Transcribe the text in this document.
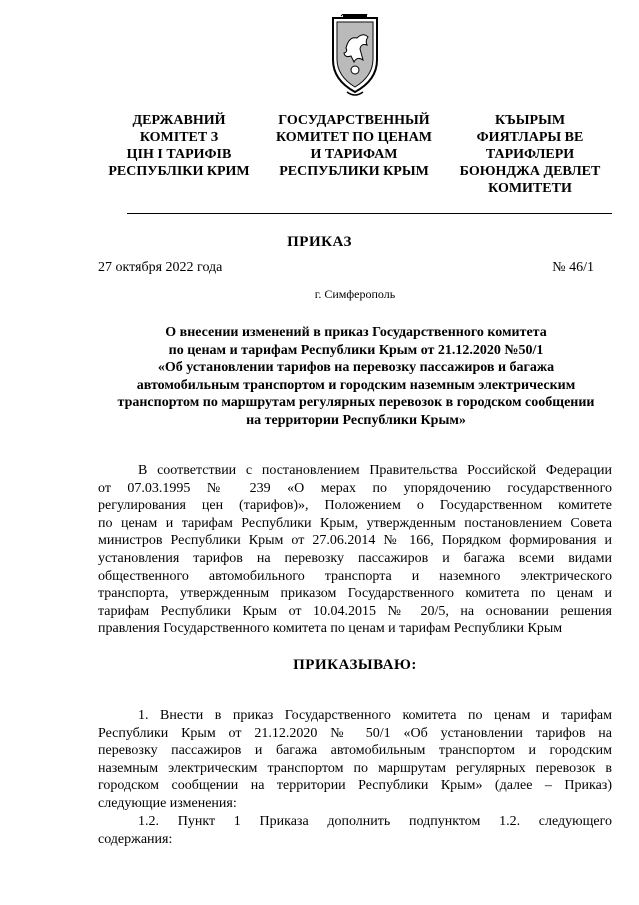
ДЕРЖАВНИЙ
КОМІТЕТ З
ЦІН І ТАРИФІВ
РЕСПУБЛІКИ КРИМ
ГОСУДАРСТВЕННЫЙ
КОМИТЕТ ПО ЦЕНАМ
И ТАРИФАМ
РЕСПУБЛИКИ КРЫМ
КЪЫРЫМ
ФИЯТЛАРЫ ВЕ
ТАРИФЛЕРИ
БОЮНДЖА ДЕВЛЕТ
КОМИТЕТИ
ПРИКАЗ
27 октября 2022 года	№ 46/1
г. Симферополь
О внесении изменений в приказ Государственного комитета
по ценам и тарифам Республики Крым от 21.12.2020 №50/1
«Об установлении тарифов на перевозку пассажиров и багажа
автомобильным транспортом и городским наземным электрическим
транспортом по маршрутам регулярных перевозок в городском сообщении
на территории Республики Крым»
В соответствии с постановлением Правительства Российской Федерации
от 07.03.1995 № 239 «О мерах по упорядочению государственного
регулирования цен (тарифов)», Положением о Государственном комитете
по ценам и тарифам Республики Крым, утвержденным постановлением Совета
министров Республики Крым от 27.06.2014 № 166, Порядком формирования и
установления тарифов на перевозку пассажиров и багажа всеми видами
общественного автомобильного транспорта и наземного электрического
транспорта, утвержденным приказом Государственного комитета по ценам и
тарифам Республики Крым от 10.04.2015 № 20/5, на основании решения
правления Государственного комитета по ценам и тарифам Республики Крым
ПРИКАЗЫВАЮ:
1. Внести в приказ Государственного комитета по ценам и тарифам
Республики Крым от 21.12.2020 № 50/1 «Об установлении тарифов на
перевозку пассажиров и багажа автомобильным транспортом и городским
наземным электрическим транспортом по маршрутам регулярных перевозок в
городском сообщении на территории Республики Крым» (далее – Приказ)
следующие изменения:
1.2. Пункт 1 Приказа дополнить подпунктом 1.2. следующего
содержания:
